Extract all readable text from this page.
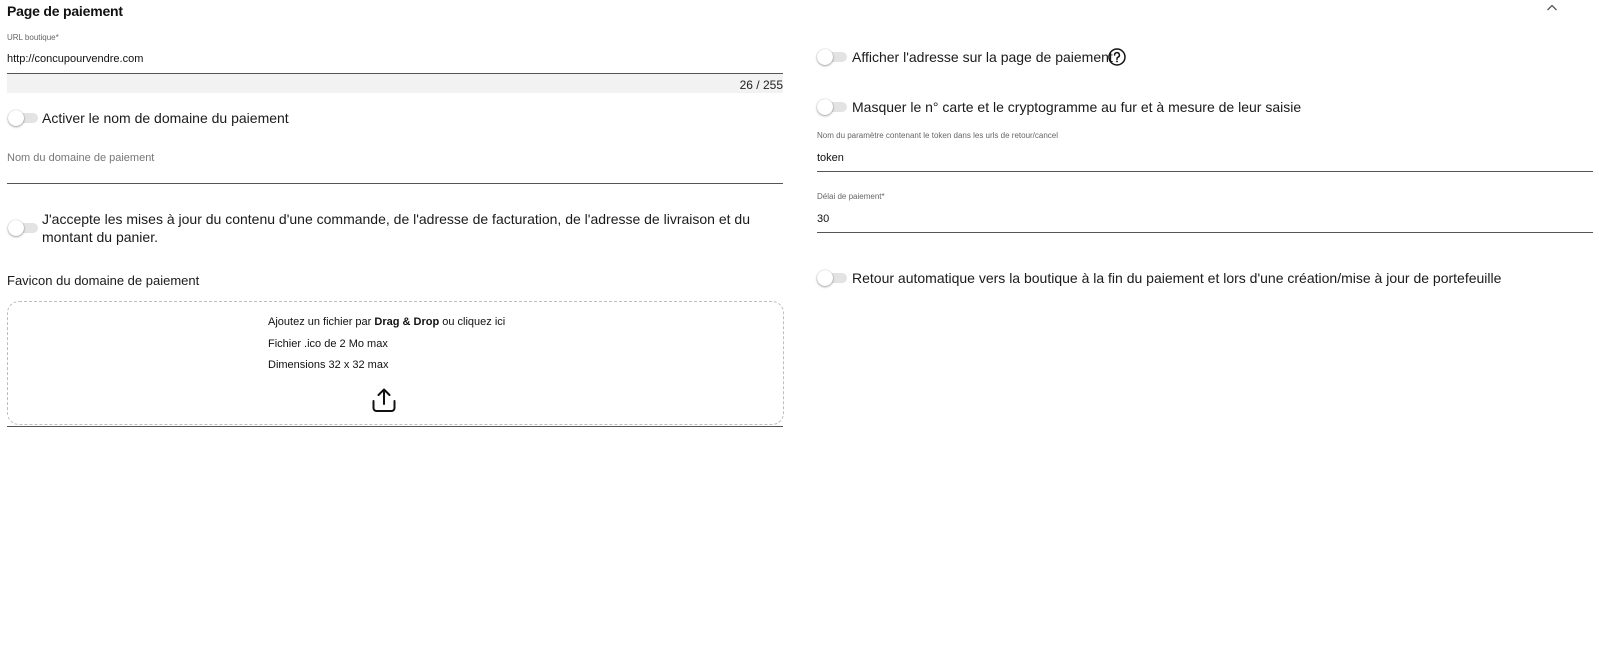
Page de paiement
URL boutique*
http://concupourvendre.com
26 / 255
Activer le nom de domaine du paiement
Nom du domaine de paiement
J'accepte les mises à jour du contenu d'une commande, de l'adresse de facturation, de l'adresse de livraison et du
montant du panier.
Favicon du domaine de paiement
Ajoutez un fichier par Drag & Drop ou cliquez ici
Fichier .ico de 2 Mo max
Dimensions 32 x 32 max
Afficher l'adresse sur la page de paiement
Masquer le n° carte et le cryptogramme au fur et à mesure de leur saisie
Nom du paramètre contenant le token dans les urls de retour/cancel
token
Délai de paiement*
30
Retour automatique vers la boutique à la fin du paiement et lors d'une création/mise à jour de portefeuille
